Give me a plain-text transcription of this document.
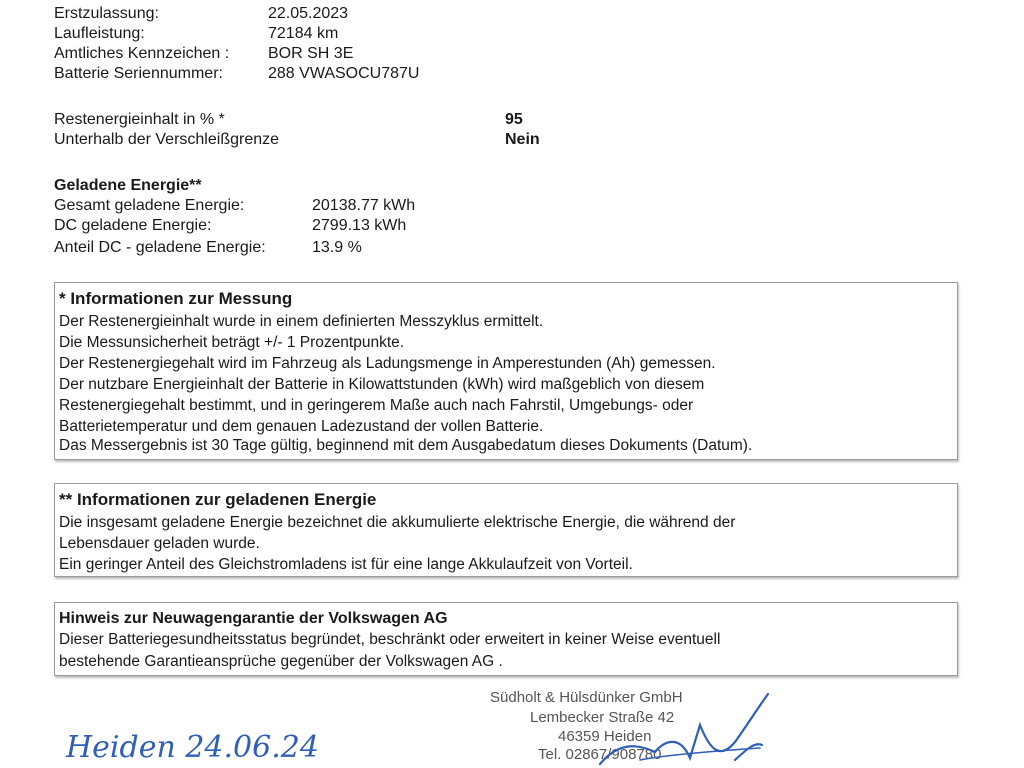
Erstzulassung:	22.05.2023
Laufleistung:	72184 km
Amtliches Kennzeichen : BOR SH 3E
Batterie Seriennummer:	288 VWASOCU787U
Restenergieinhalt in % *	95
Unterhalb der Verschleißgrenze	Nein
Geladene Energie**
Gesamt geladene Energie:	20138.77 kWh
DC geladene Energie:	2799.13 kWh
Anteil DC - geladene Energie:	13.9 %
* Informationen zur Messung
Der Restenergieinhalt wurde in einem definierten Messzyklus ermittelt.
Die Messunsicherheit beträgt +/- 1 Prozentpunkte.
Der Restenergiegehalt wird im Fahrzeug als Ladungsmenge in Amperestunden (Ah) gemessen.
Der nutzbare Energieinhalt der Batterie in Kilowattstunden (kWh) wird maßgeblich von diesem
Restenergiegehalt bestimmt, und in geringerem Maße auch nach Fahrstil, Umgebungs- oder
Batterietemperatur und dem genauen Ladezustand der vollen Batterie.
Das Messergebnis ist 30 Tage gültig, beginnend mit dem Ausgabedatum dieses Dokuments (Datum).
** Informationen zur geladenen Energie
Die insgesamt geladene Energie bezeichnet die akkumulierte elektrische Energie, die während der
Lebensdauer geladen wurde.
Ein geringer Anteil des Gleichstromladens ist für eine lange Akkulaufzeit von Vorteil.
Hinweis zur Neuwagengarantie der Volkswagen AG
Dieser Batteriegesundheitsstatus begründet, beschränkt oder erweitert in keiner Weise eventuell
bestehende Garantieansprüche gegenüber der Volkswagen AG .
Südholt & Hülsdünker GmbH
Lembecker Straße 42
46359 Heiden
Tel. 02867/908780
Heiden 24.06.24
